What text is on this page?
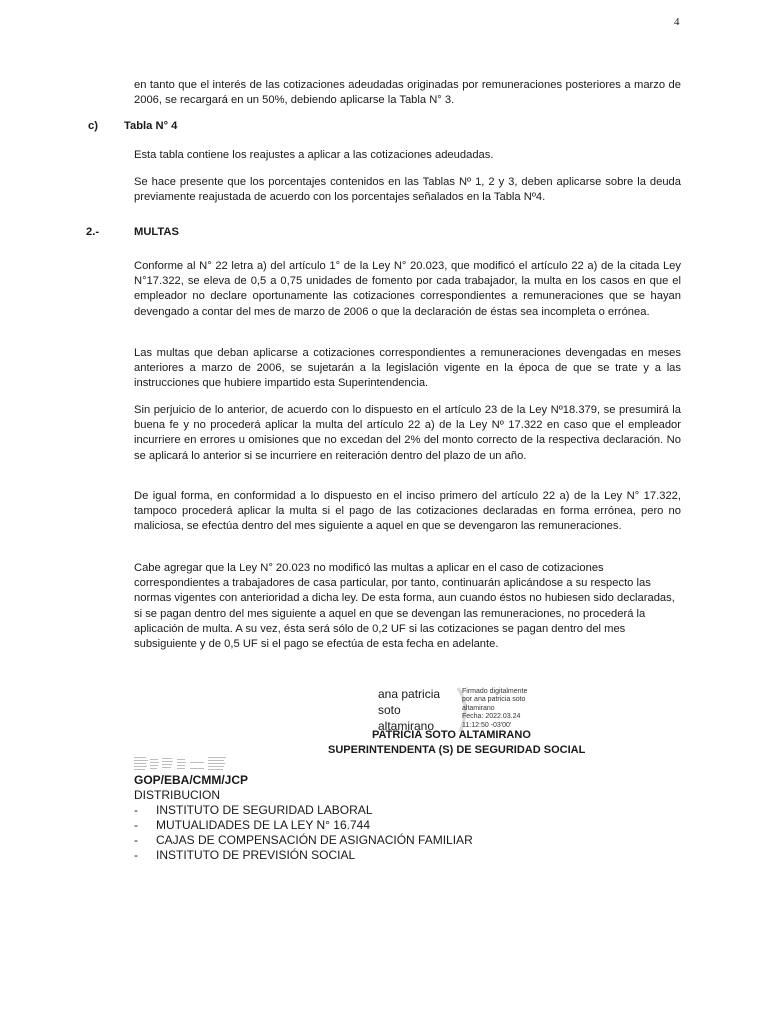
4
en tanto que el interés de las cotizaciones adeudadas originadas por remuneraciones posteriores a marzo de 2006, se recargará en un 50%, debiendo aplicarse la Tabla N° 3.
c) Tabla N° 4
Esta tabla contiene los reajustes a aplicar a las cotizaciones adeudadas.
Se hace presente que los porcentajes contenidos en las Tablas Nº 1, 2 y 3, deben aplicarse sobre la deuda previamente reajustada de acuerdo con los porcentajes señalados en la Tabla Nº4.
2.-	MULTAS
Conforme al N° 22 letra a) del artículo 1° de la Ley N° 20.023, que modificó el artículo 22 a) de la citada Ley N°17.322, se eleva de 0,5 a 0,75 unidades de fomento por cada trabajador, la multa en los casos en que el empleador no declare oportunamente las cotizaciones correspondientes a remuneraciones que se hayan devengado a contar del mes de marzo de 2006 o que la declaración de éstas sea incompleta o errónea.
Las multas que deban aplicarse a cotizaciones correspondientes a remuneraciones devengadas en meses anteriores a marzo de 2006, se sujetarán a la legislación vigente en la época de que se trate y a las instrucciones que hubiere impartido esta Superintendencia.
Sin perjuicio de lo anterior, de acuerdo con lo dispuesto en el artículo 23 de la Ley Nº18.379, se presumirá la buena fe y no procederá aplicar la multa del artículo 22 a) de la Ley Nº 17.322 en caso que el empleador incurriere en errores u omisiones que no excedan del 2% del monto correcto de la respectiva declaración. No se aplicará lo anterior si se incurriere en reiteración dentro del plazo de un año.
De igual forma, en conformidad a lo dispuesto en el inciso primero del artículo 22 a) de la Ley N° 17.322, tampoco procederá aplicar la multa si el pago de las cotizaciones declaradas en forma errónea, pero no maliciosa, se efectúa dentro del mes siguiente a aquel en que se devengaron las remuneraciones.
Cabe agregar que la Ley N° 20.023 no modificó las multas a aplicar en el caso de cotizaciones correspondientes a trabajadores de casa particular, por tanto, continuarán aplicándose a su respecto las normas vigentes con anterioridad a dicha ley. De esta forma, aun cuando éstos no hubiesen sido declaradas, si se pagan dentro del mes siguiente a aquel en que se devengan las remuneraciones, no procederá la aplicación de multa. A su vez, ésta será sólo de 0,2 UF si las cotizaciones se pagan dentro del mes subsiguiente y de 0,5 UF si el pago se efectúa de esta fecha en adelante.
ana patricia
soto
altamirano
Firmado digitalmente
por ana patricia soto
altamirano
Fecha: 2022.03.24
11:12:50 -03'00'
PATRICIA SOTO ALTAMIRANO
SUPERINTENDENTA (S) DE SEGURIDAD SOCIAL
GOP/EBA/CMM/JCP
DISTRIBUCION
- INSTITUTO DE SEGURIDAD LABORAL
- MUTUALIDADES DE LA LEY N° 16.744
- CAJAS DE COMPENSACIÓN DE ASIGNACIÓN FAMILIAR
- INSTITUTO DE PREVISIÓN SOCIAL
